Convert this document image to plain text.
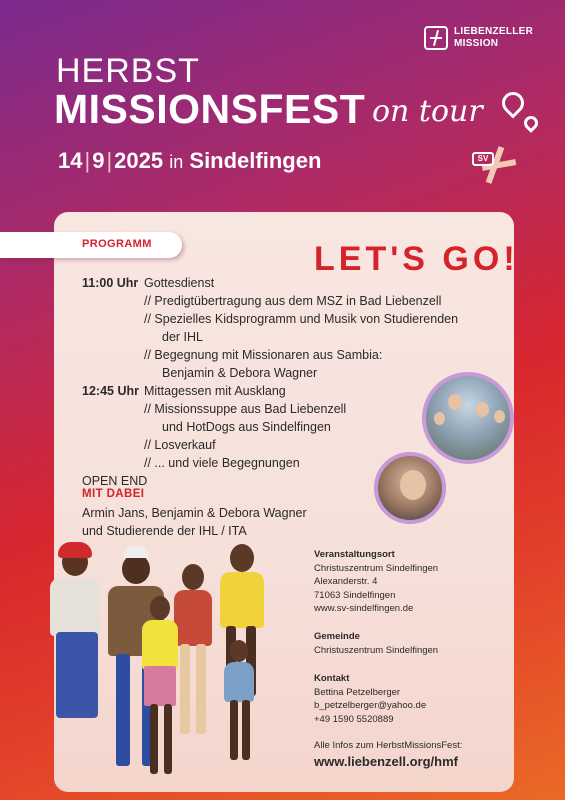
LIEBENZELLER
MISSION
HERBST
MISSIONSFEST on tour
14|9|2025 in Sindelfingen	SV
PROGRAMM	LET'S GO!
11:00 Uhr Gottesdienst
// Predigtübertragung aus dem MSZ in Bad Liebenzell
// Spezielles Kidsprogramm und Musik von Studierenden
der IHL
// Begegnung mit Missionaren aus Sambia:
Benjamin & Debora Wagner
12:45 Uhr Mittagessen mit Ausklang
// Missionssuppe aus Bad Liebenzell
und HotDogs aus Sindelfingen
// Losverkauf
// ... und viele Begegnungen
OPEN END
MIT DABEI
Armin Jans, Benjamin & Debora Wagner
und Studierende der IHL / ITA
Veranstaltungsort
Christuszentrum Sindelfingen
Alexanderstr. 4
71063 Sindelfingen
www.sv-sindelfingen.de
Gemeinde
Christuszentrum Sindelfingen
Kontakt
Bettina Petzelberger
b_petzelberger@yahoo.de
+49 1590 5520889
Alle Infos zum HerbstMissionsFest:
www.liebenzell.org/hmf
